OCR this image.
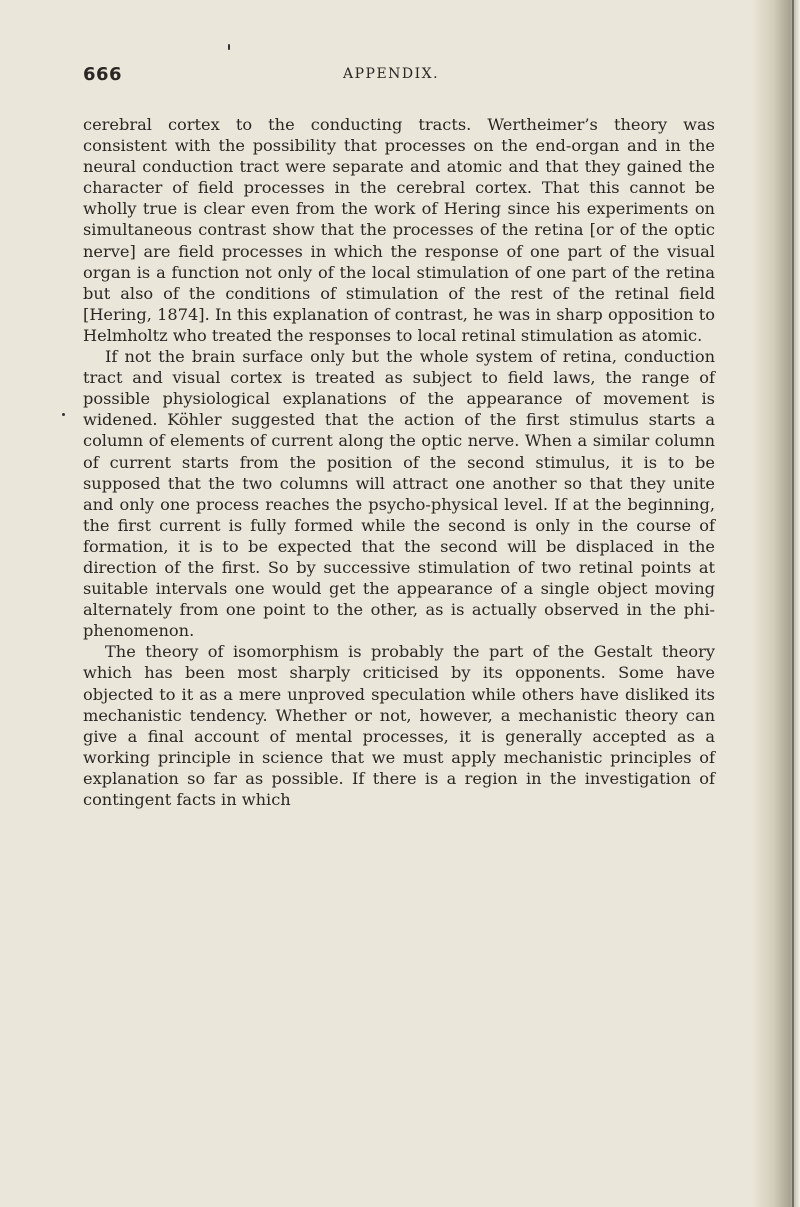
666	APPENDIX.

cerebral cortex to the conducting tracts. Wertheimer’s theory was consistent with the possibility that processes on the end-organ and in the neural conduction tract were separate and atomic and that they gained the character of field processes in the cerebral cortex. That this cannot be wholly true is clear even from the work of Hering since his experiments on simultaneous contrast show that the processes of the retina [or of the optic nerve] are field processes in which the response of one part of the visual organ is a function not only of the local stimulation of one part of the retina but also of the conditions of stimulation of the rest of the retinal field [Hering, 1874]. In this explanation of contrast, he was in sharp opposition to Helmholtz who treated the responses to local retinal stimulation as atomic.

If not the brain surface only but the whole system of retina, conduction tract and visual cortex is treated as subject to field laws, the range of possible physiological explanations of the appearance of movement is widened. Köhler suggested that the action of the first stimulus starts a column of elements of current along the optic nerve. When a similar column of current starts from the position of the second stimulus, it is to be supposed that the two columns will attract one another so that they unite and only one process reaches the psycho-physical level. If at the beginning, the first current is fully formed while the second is only in the course of formation, it is to be expected that the second will be displaced in the direction of the first. So by successive stimulation of two retinal points at suitable intervals one would get the appearance of a single object moving alternately from one point to the other, as is actually observed in the phi-phenomenon.

The theory of isomorphism is probably the part of the Gestalt theory which has been most sharply criticised by its opponents. Some have objected to it as a mere unproved speculation while others have disliked its mechanistic tendency. Whether or not, however, a mechanistic theory can give a final account of mental processes, it is generally accepted as a working principle in science that we must apply mechanistic principles of explanation so far as possible. If there is a region in the investigation of contingent facts in which
